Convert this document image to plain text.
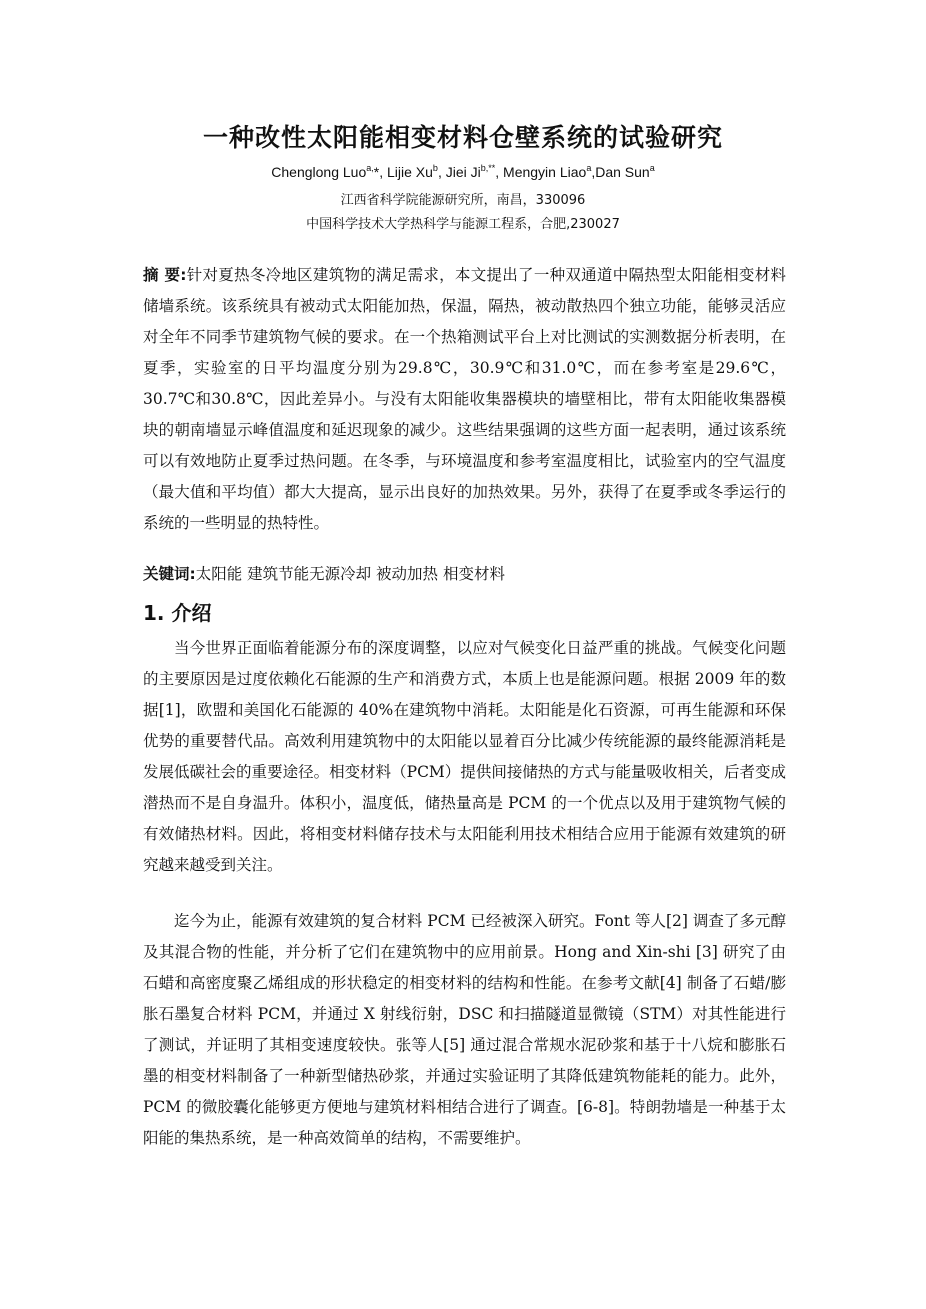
一种改性太阳能相变材料仓壁系统的试验研究
Chenglong Luo$^{a,}$*, Lijie Xu$^b$, Jiei $Ji^{b,**}$, Mengyin Liao$^a$,Dan Sun$^a$
江西省科学院能源研究所，南昌，330096
中国科学技术大学热科学与能源工程系，合肥,230027

摘 要:针对夏热冬冷地区建筑物的满足需求，本文提出了一种双通道中隔热型太阳能相变材料储墙系统。该系统具有被动式太阳能加热，保温，隔热，被动散热四个独立功能，能够灵活应对全年不同季节建筑物气候的要求。在一个热箱测试平台上对比测试的实测数据分析表明，在夏季，实验室的日平均温度分别为29.8℃，30.9℃和31.0℃，而在参考室是29.6℃，30.7℃和30.8℃，因此差异小。与没有太阳能收集器模块的墙壁相比，带有太阳能收集器模块的朝南墙显示峰值温度和延迟现象的减少。这些结果强调的这些方面一起表明，通过该系统可以有效地防止夏季过热问题。在冬季，与环境温度和参考室温度相比，试验室内的空气温度（最大值和平均值）都大大提高，显示出良好的加热效果。另外，获得了在夏季或冬季运行的系统的一些明显的热特性。

关键词:太阳能 建筑节能无源冷却 被动加热 相变材料
1. 介绍

当今世界正面临着能源分布的深度调整，以应对气候变化日益严重的挑战。气候变化问题的主要原因是过度依赖化石能源的生产和消费方式，本质上也是能源问题。根据 2009 年的数据[1]，欧盟和美国化石能源的 40%在建筑物中消耗。太阳能是化石资源，可再生能源和环保优势的重要替代品。高效利用建筑物中的太阳能以显着百分比减少传统能源的最终能源消耗是发展低碳社会的重要途径。相变材料（PCM）提供间接储热的方式与能量吸收相关，后者变成潜热而不是自身温升。体积小，温度低，储热量高是 PCM 的一个优点以及用于建筑物气候的有效储热材料。因此，将相变材料储存技术与太阳能利用技术相结合应用于能源有效建筑的研究越来越受到关注。

迄今为止，能源有效建筑的复合材料 PCM 已经被深入研究。Font 等人[2] 调查了多元醇及其混合物的性能，并分析了它们在建筑物中的应用前景。Hong and Xin-shi [3] 研究了由石蜡和高密度聚乙烯组成的形状稳定的相变材料的结构和性能。在参考文献[4] 制备了石蜡/膨胀石墨复合材料 PCM，并通过 X 射线衍射，DSC 和扫描隧道显微镜（STM）对其性能进行了测试，并证明了其相变速度较快。张等人[5] 通过混合常规水泥砂浆和基于十八烷和膨胀石墨的相变材料制备了一种新型储热砂浆，并通过实验证明了其降低建筑物能耗的能力。此外，PCM 的微胶囊化能够更方便地与建筑材料相结合进行了调查。[6-8]。特朗勃墙是一种基于太阳能的集热系统，是一种高效简单的结构，不需要维护。
